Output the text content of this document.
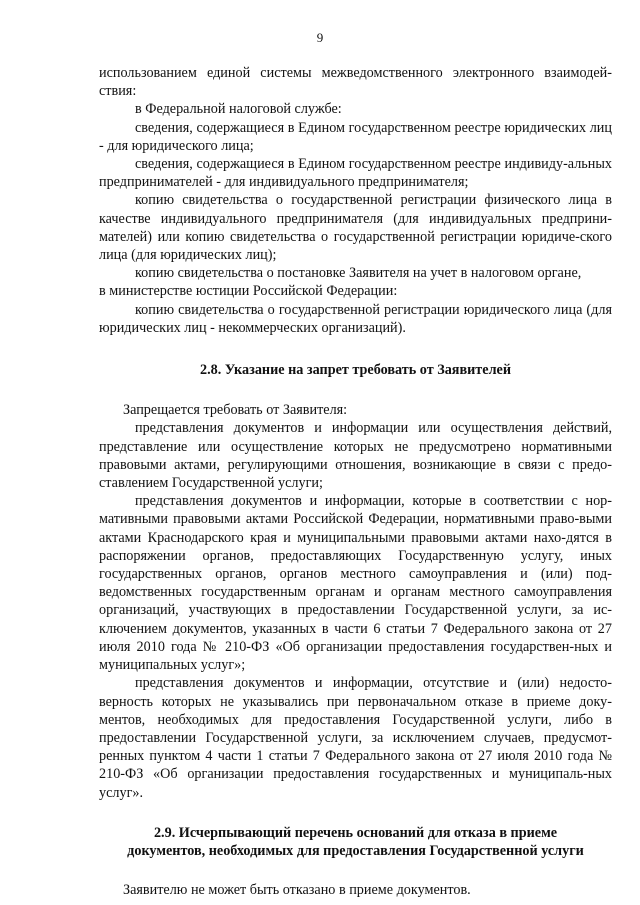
9

использованием единой системы межведомственного электронного взаимодей-ствия:

в Федеральной налоговой службе:

сведения, содержащиеся в Едином государственном реестре юридических лиц - для юридического лица;

сведения, содержащиеся в Едином государственном реестре индивиду-альных предпринимателей - для индивидуального предпринимателя;

копию свидетельства о государственной регистрации физического лица в качестве индивидуального предпринимателя (для индивидуальных предприни-мателей) или копию свидетельства о государственной регистрации юридиче-ского лица (для юридических лиц);

копию свидетельства о постановке Заявителя на учет в налоговом органе,

в министерстве юстиции Российской Федерации:

копию свидетельства о государственной регистрации юридического лица (для юридических лиц - некоммерческих организаций).

2.8. Указание на запрет требовать от Заявителей

Запрещается требовать от Заявителя:

представления документов и информации или осуществления действий, представление или осуществление которых не предусмотрено нормативными правовыми актами, регулирующими отношения, возникающие в связи с предо-ставлением Государственной услуги;

представления документов и информации, которые в соответствии с нор-мативными правовыми актами Российской Федерации, нормативными право-выми актами Краснодарского края и муниципальными правовыми актами нахо-дятся в распоряжении органов, предоставляющих Государственную услугу, иных государственных органов, органов местного самоуправления и (или) под-ведомственных государственным органам и органам местного самоуправления организаций, участвующих в предоставлении Государственной услуги, за ис-ключением документов, указанных в части 6 статьи 7 Федерального закона от 27 июля 2010 года № 210-ФЗ «Об организации предоставления государствен-ных и муниципальных услуг»;

представления документов и информации, отсутствие и (или) недосто-верность которых не указывались при первоначальном отказе в приеме доку-ментов, необходимых для предоставления Государственной услуги, либо в предоставлении Государственной услуги, за исключением случаев, предусмот-ренных пунктом 4 части 1 статьи 7 Федерального закона от 27 июля 2010 года № 210-ФЗ «Об организации предоставления государственных и муниципаль-ных услуг».

2.9. Исчерпывающий перечень оснований для отказа в приеме

документов, необходимых для предоставления Государственной услуги

Заявителю не может быть отказано в приеме документов.
